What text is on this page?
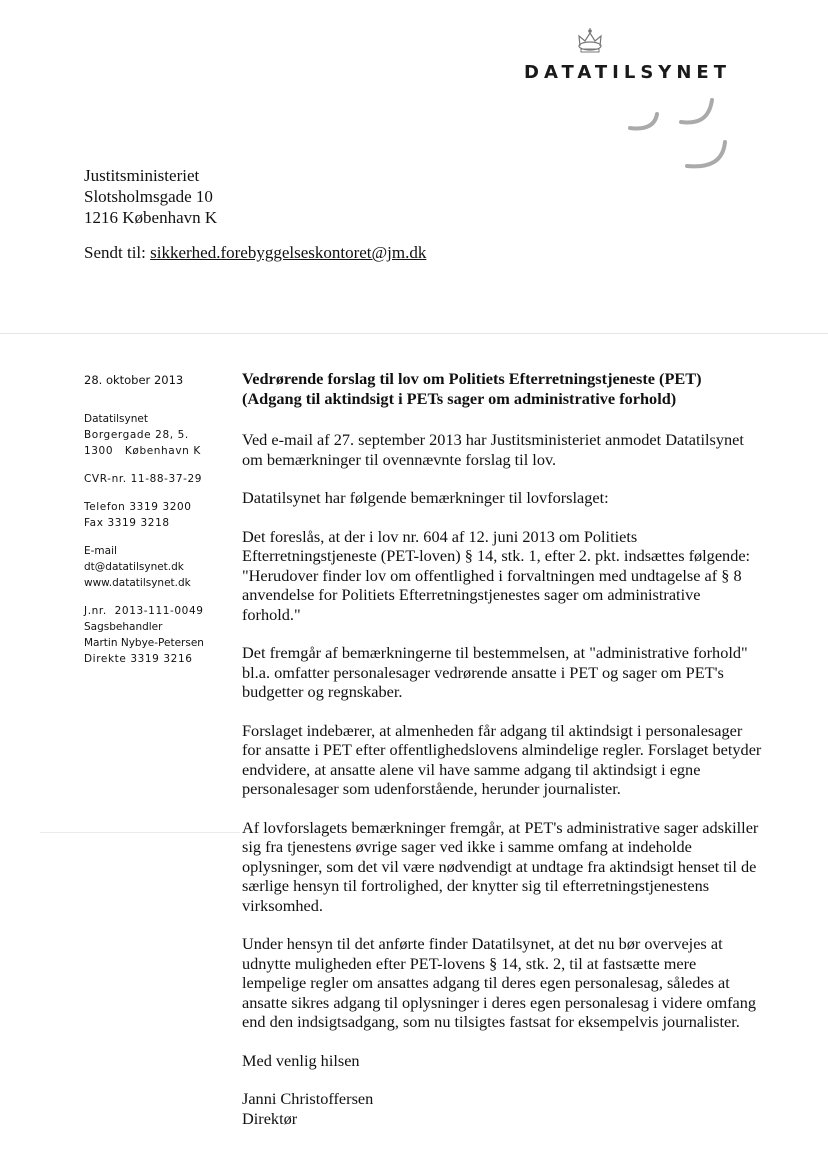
DATATILSYNET
Justitsministeriet
Slotsholmsgade 10
1216 København K
Sendt til: sikkerhed.forebyggelseskontoret@jm.dk
28. oktober 2013
Datatilsynet
Borgergade 28, 5.
1300   København K
CVR-nr. 11-88-37-29
Telefon 3319 3200
Fax 3319 3218
E-mail
dt@datatilsynet.dk
www.datatilsynet.dk
J.nr.  2013-111-0049
Sagsbehandler
Martin Nybye-Petersen
Direkte 3319 3216
Vedrørende forslag til lov om Politiets Efterretningstjeneste (PET) (Adgang til aktindsigt i PETs sager om administrative forhold)

Ved e-mail af 27. september 2013 har Justitsministeriet anmodet Datatilsynet om bemærkninger til ovennævnte forslag til lov.

Datatilsynet har følgende bemærkninger til lovforslaget:

Det foreslås, at der i lov nr. 604 af 12. juni 2013 om Politiets Efterretningstjeneste (PET-loven) § 14, stk. 1, efter 2. pkt. indsættes følgende: "Herudover finder lov om offentlighed i forvaltningen med undtagelse af § 8 anvendelse for Politiets Efterretningstjenestes sager om administrative forhold."

Det fremgår af bemærkningerne til bestemmelsen, at "administrative forhold" bl.a. omfatter personalesager vedrørende ansatte i PET og sager om PET's budgetter og regnskaber.

Forslaget indebærer, at almenheden får adgang til aktindsigt i personalesager for ansatte i PET efter offentlighedslovens almindelige regler. Forslaget betyder endvidere, at ansatte alene vil have samme adgang til aktindsigt i egne personalesager som udenforstående, herunder journalister.

Af lovforslagets bemærkninger fremgår, at PET's administrative sager adskiller sig fra tjenestens øvrige sager ved ikke i samme omfang at indeholde oplysninger, som det vil være nødvendigt at undtage fra aktindsigt henset til de særlige hensyn til fortrolighed, der knytter sig til efterretningstjenestens virksomhed.

Under hensyn til det anførte finder Datatilsynet, at det nu bør overvejes at udnytte muligheden efter PET-lovens § 14, stk. 2, til at fastsætte mere lempelige regler om ansattes adgang til deres egen personalesag, således at ansatte sikres adgang til oplysninger i deres egen personalesag i videre omfang end den indsigtsadgang, som nu tilsigtes fastsat for eksempelvis journalister.

Med venlig hilsen

Janni Christoffersen
Direktør
